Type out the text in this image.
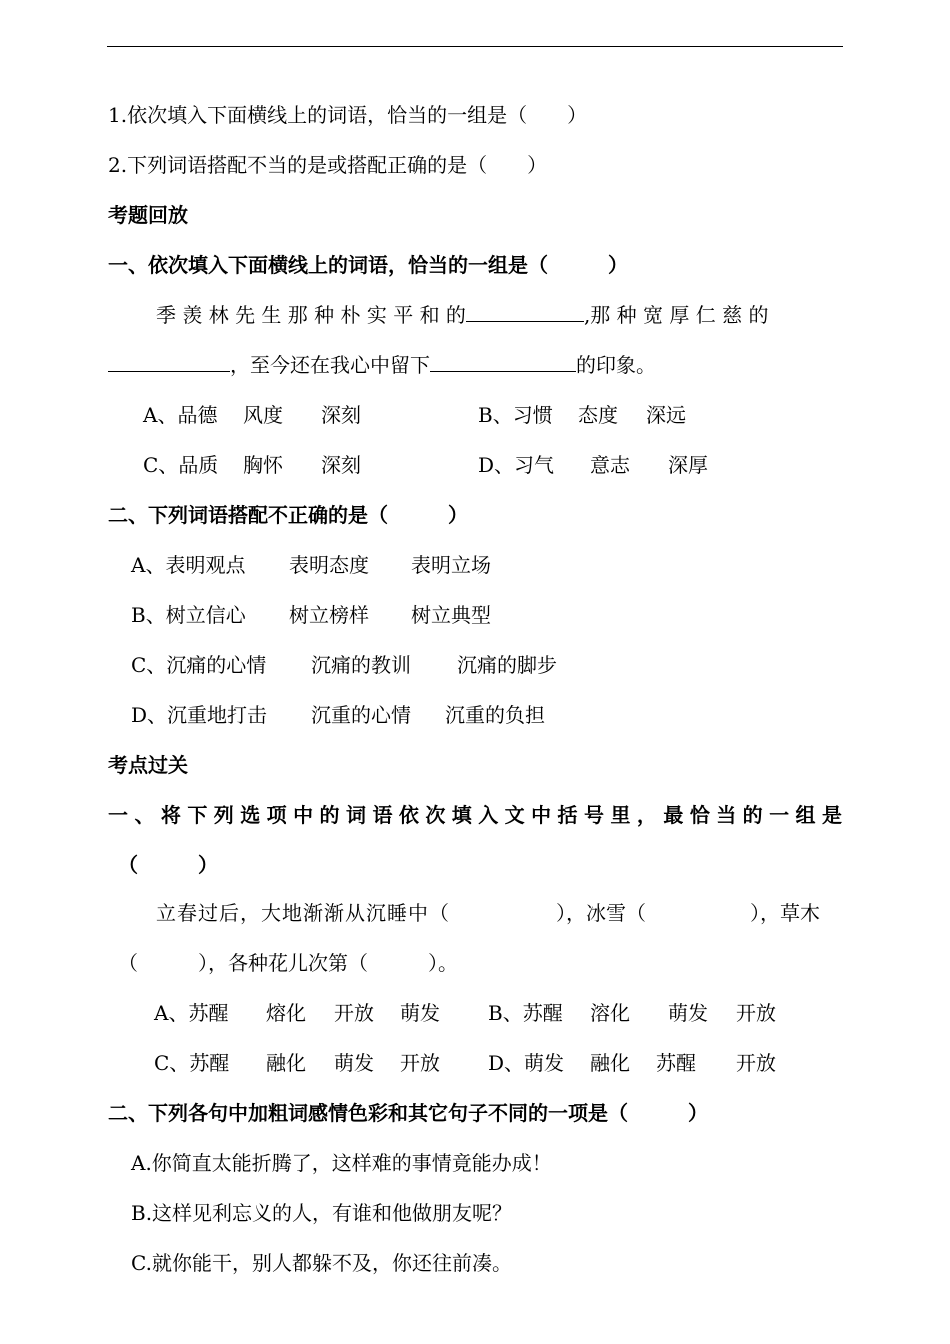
1.依次填入下面横线上的词语，恰当的一组是（　　）
2.下列词语搭配不当的是或搭配正确的是（　　）
考题回放
一、依次填入下面横线上的词语，恰当的一组是（　　　）
季 羡 林 先 生 那 种 朴 实 平 和 的	,那 种 宽 厚 仁 慈 的
，至今还在我心中留下	的印象。
A、品德 风度 深刻	B、习惯 态度 深远
C、品质 胸怀 深刻	D、习气 意志 深厚
二、下列词语搭配不正确的是（　　　）
A、表明观点 表明态度 表明立场
B、树立信心 树立榜样 树立典型
C、沉痛的心情 沉痛的教训 沉痛的脚步
D、沉重地打击 沉重的心情 沉重的负担
考点过关
一、将下列选项中的词语依次填入文中括号里，最恰当的一组是
（　　　）
立春过后，大地渐渐从沉睡中（	），冰雪（	），草木
（　　　），各种花儿次第（　　　）。
A、苏醒 熔化 开放 萌发 B、苏醒 溶化 萌发 开放
C、苏醒 融化 萌发 开放 D、萌发 融化 苏醒 开放
二、下列各句中加粗词感情色彩和其它句子不同的一项是（　　　）
A.你简直太能折腾了，这样难的事情竟能办成！
B.这样见利忘义的人，有谁和他做朋友呢？
C.就你能干，别人都躲不及，你还往前凑。
